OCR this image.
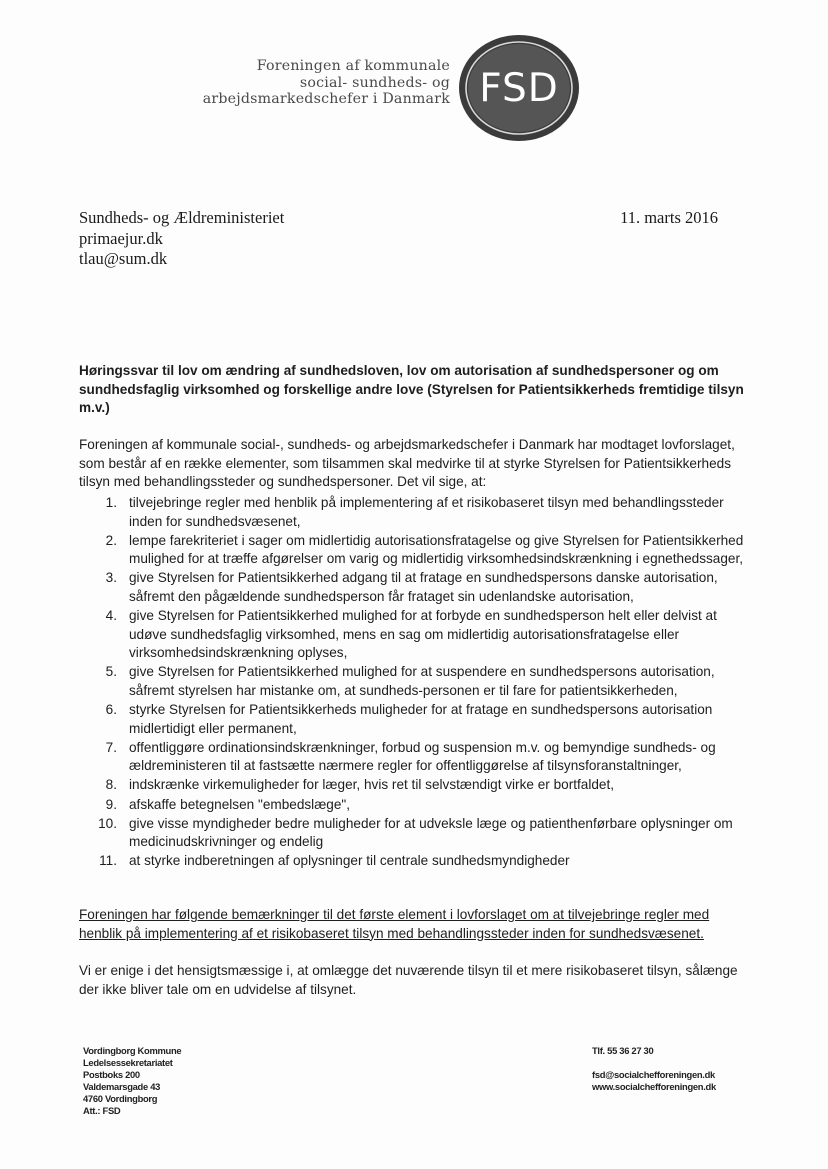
Foreningen af kommunale
social- sundheds- og
arbejdsmarkedschefer i Danmark FSD
Sundheds- og Ældreministeriet
primaejur.dk
tlau@sum.dk
11. marts 2016
Høringssvar til lov om ændring af sundhedsloven, lov om autorisation af sundhedspersoner og om sundhedsfaglig virksomhed og forskellige andre love (Styrelsen for Patientsikkerheds fremtidige tilsyn m.v.)
Foreningen af kommunale social-, sundheds- og arbejdsmarkedschefer i Danmark har modtaget lovforslaget, som består af en række elementer, som tilsammen skal medvirke til at styrke Styrelsen for Patientsikkerheds tilsyn med behandlingssteder og sundhedspersoner. Det vil sige, at:
1. tilvejebringe regler med henblik på implementering af et risikobaseret tilsyn med behandlingssteder inden for sundhedsvæsenet,
2. lempe farekriteriet i sager om midlertidig autorisationsfratagelse og give Styrelsen for Patientsikkerhed mulighed for at træffe afgørelser om varig og midlertidig virksomhedsindskrænkning i egnethedssager,
3. give Styrelsen for Patientsikkerhed adgang til at fratage en sundhedspersons danske autorisation, såfremt den pågældende sundhedsperson får frataget sin udenlandske autorisation,
4. give Styrelsen for Patientsikkerhed mulighed for at forbyde en sundhedsperson helt eller delvist at udøve sundhedsfaglig virksomhed, mens en sag om midlertidig autorisationsfratagelse eller virksomhedsindskrænkning oplyses,
5. give Styrelsen for Patientsikkerhed mulighed for at suspendere en sundhedspersons autorisation, såfremt styrelsen har mistanke om, at sundheds-personen er til fare for patientsikkerheden,
6. styrke Styrelsen for Patientsikkerheds muligheder for at fratage en sundhedspersons autorisation midlertidigt eller permanent,
7. offentliggøre ordinationsindskrænkninger, forbud og suspension m.v. og bemyndige sundheds- og ældreministeren til at fastsætte nærmere regler for offentliggørelse af tilsynsforanstaltninger,
8. indskrænke virkemuligheder for læger, hvis ret til selvstændigt virke er bortfaldet,
9. afskaffe betegnelsen "embedslæge",
10. give visse myndigheder bedre muligheder for at udveksle læge og patienthenførbare oplysninger om medicinudskrivninger og endelig
11. at styrke indberetningen af oplysninger til centrale sundhedsmyndigheder
Foreningen har følgende bemærkninger til det første element i lovforslaget om at tilvejebringe regler med henblik på implementering af et risikobaseret tilsyn med behandlingssteder inden for sundhedsvæsenet.
Vi er enige i det hensigtsmæssige i, at omlægge det nuværende tilsyn til et mere risikobaseret tilsyn, sålænge der ikke bliver tale om en udvidelse af tilsynet.
Vordingborg Kommune
Ledelsessekretariatet
Postboks 200
Valdemarsgade 43
4760 Vordingborg
Att.: FSD
Tlf. 55 36 27 30
fsd@socialchefforeningen.dk
www.socialchefforeningen.dk
